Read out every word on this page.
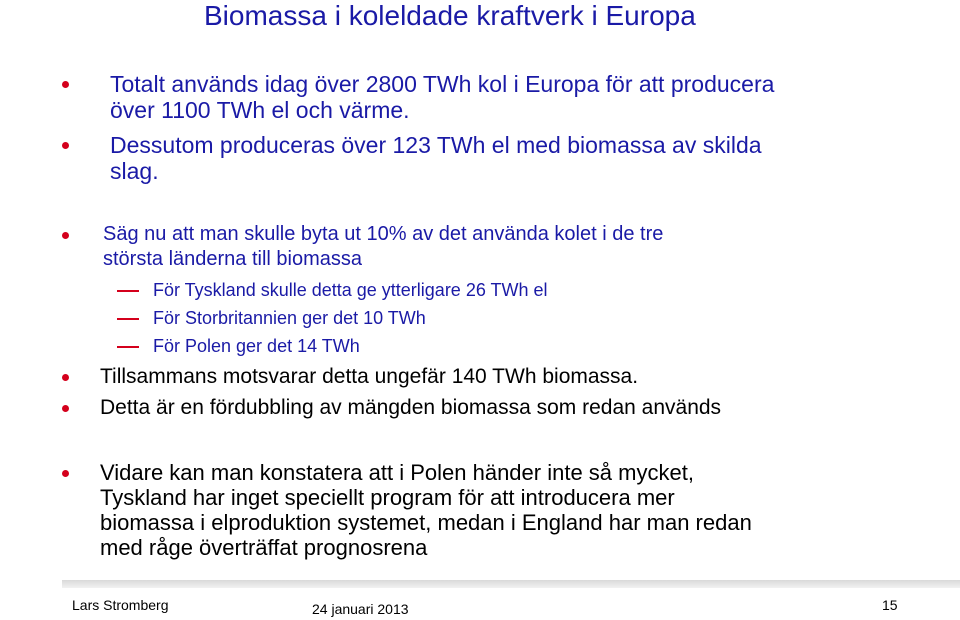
Biomassa i koleldade kraftverk i Europa
Totalt används idag över 2800 TWh kol i Europa för att producera
över 1100 TWh el och värme.
Dessutom produceras över 123 TWh el med biomassa av skilda
slag.
Säg nu att man skulle byta ut 10% av det använda kolet i de tre
största länderna till biomassa
För Tyskland skulle detta ge ytterligare 26 TWh el
För Storbritannien ger det 10 TWh
För Polen ger det 14 TWh
Tillsammans motsvarar detta ungefär 140 TWh biomassa.
Detta är en fördubbling av mängden biomassa som redan används
Vidare kan man konstatera att i Polen händer inte så mycket,
Tyskland har inget speciellt program för att introducera mer
biomassa i elproduktion systemet, medan i England har man redan
med råge överträffat prognosrena
Lars Stromberg	24 januari 2013	15
